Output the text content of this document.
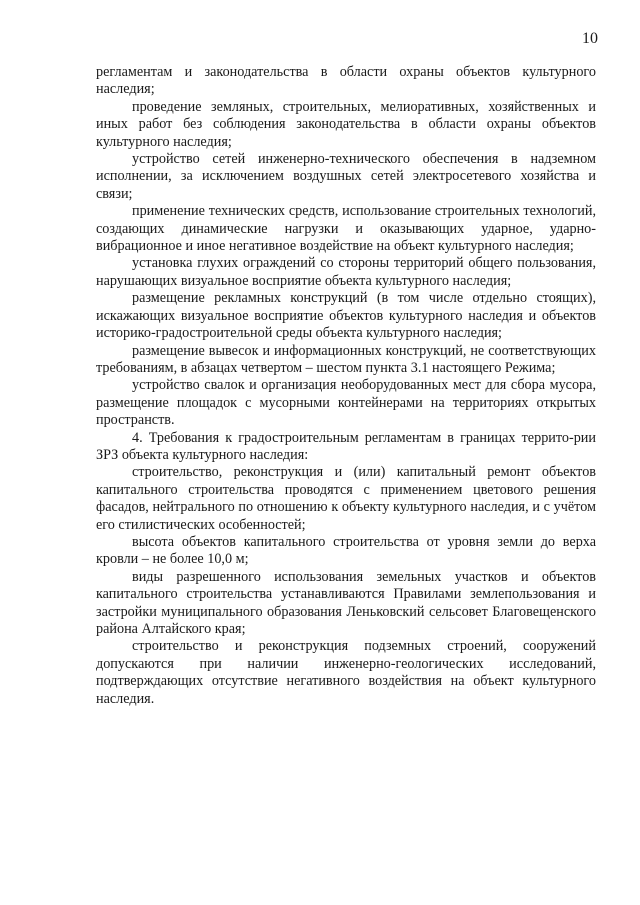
10

регламентам и законодательства в области охраны объектов культурного наследия;

проведение земляных, строительных, мелиоративных, хозяйственных и иных работ без соблюдения законодательства в области охраны объектов культурного наследия;

устройство сетей инженерно-технического обеспечения в надземном исполнении, за исключением воздушных сетей электросетевого хозяйства и связи;

применение технических средств, использование строительных технологий, создающих динамические нагрузки и оказывающих ударное, ударно-вибрационное и иное негативное воздействие на объект культурного наследия;

установка глухих ограждений со стороны территорий общего пользования, нарушающих визуальное восприятие объекта культурного наследия;

размещение рекламных конструкций (в том числе отдельно стоящих), искажающих визуальное восприятие объектов культурного наследия и объектов историко-градостроительной среды объекта культурного наследия;

размещение вывесок и информационных конструкций, не соответствующих требованиям, в абзацах четвертом – шестом пункта 3.1 настоящего Режима;

устройство свалок и организация необорудованных мест для сбора мусора, размещение площадок с мусорными контейнерами на территориях открытых пространств.

4. Требования к градостроительным регламентам в границах террито-рии ЗРЗ объекта культурного наследия:

строительство, реконструкция и (или) капитальный ремонт объектов капитального строительства проводятся с применением цветового решения фасадов, нейтрального по отношению к объекту культурного наследия, и с учётом его стилистических особенностей;

высота объектов капитального строительства от уровня земли до верха кровли – не более 10,0 м;

виды разрешенного использования земельных участков и объектов капитального строительства устанавливаются Правилами землепользования и застройки муниципального образования Леньковский сельсовет Благовещенского района Алтайского края;

строительство и реконструкция подземных строений, сооружений допускаются при наличии инженерно-геологических исследований, подтверждающих отсутствие негативного воздействия на объект культурного наследия.
